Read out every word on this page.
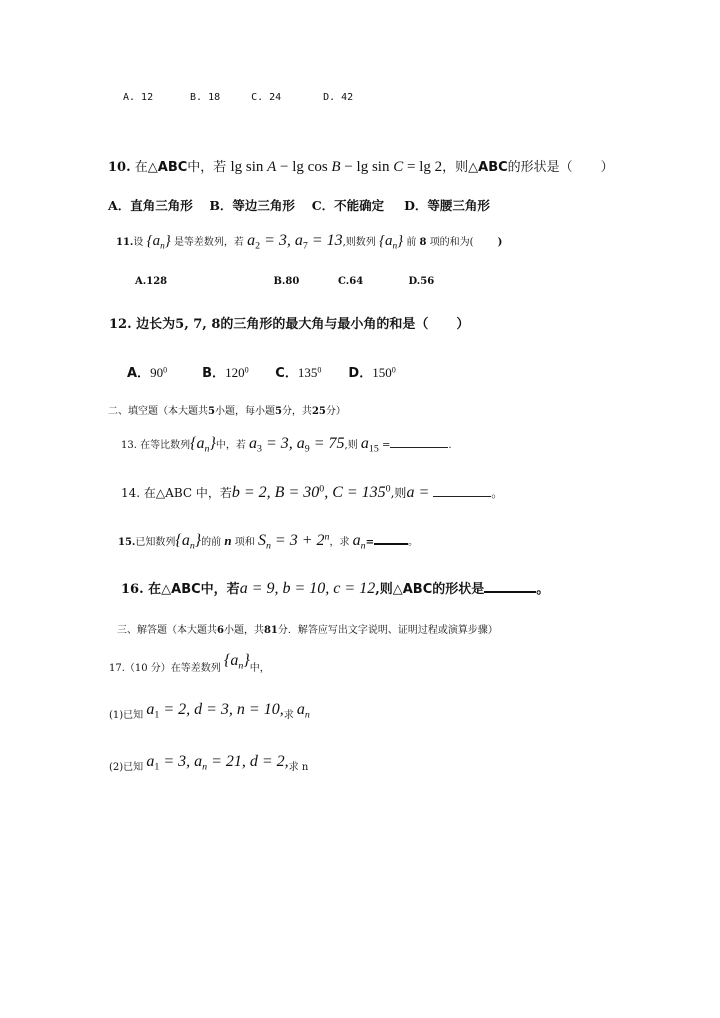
A. 12	B. 18	C. 24	D. 42
10. 在△ABC中，若 lg sin A − lg cos B − lg sin C = lg 2，则△ABC的形状是（ ）
A．直角三角形 B．等边三角形 C．不能确定 D．等腰三角形
11.设 $\{a_n\}$ 是等差数列，若 $a_2 = 3$, $a_7 = 13$,则数列 $\{a_n\}$ 前 8 项的和为( )
A.128	B.80	C.64	D.56
12. 边长为5, 7, 8的三角形的最大角与最小角的和是（ ）
A．$90^0$	B．$120^0$ C．$135^0$ D．$150^0$
二、填空题（本大题共5小题，每小题5分，共25分）
13. 在等比数列$\{a_n\}$中，若 $a_3 = 3$, $a_9 = 75$,则 $a_{15}$ =	.
14. 在△ABC 中，若b = 2, $B = 30^0$, $C = 135^0$,则a =	。
15.已知数列$\{a_n\}$的前 n 项和 $S_n = 3 + 2^n$，求 $a_n=$	。
16. 在△ABC中，若a = 9, b = 10, c = 12,则△ABC的形状是	。
三、解答题（本大题共6小题，共81分．解答应写出文字说明、证明过程或演算步骤）
17.（10 分）在等差数列 $\{a_n\}$中，
(1)已知 $a_1 = 2$, d = 3, n = 10,求 $a_n$
(2)已知 $a_1 = 3$, $a_n = 21$, d = 2,求 n
